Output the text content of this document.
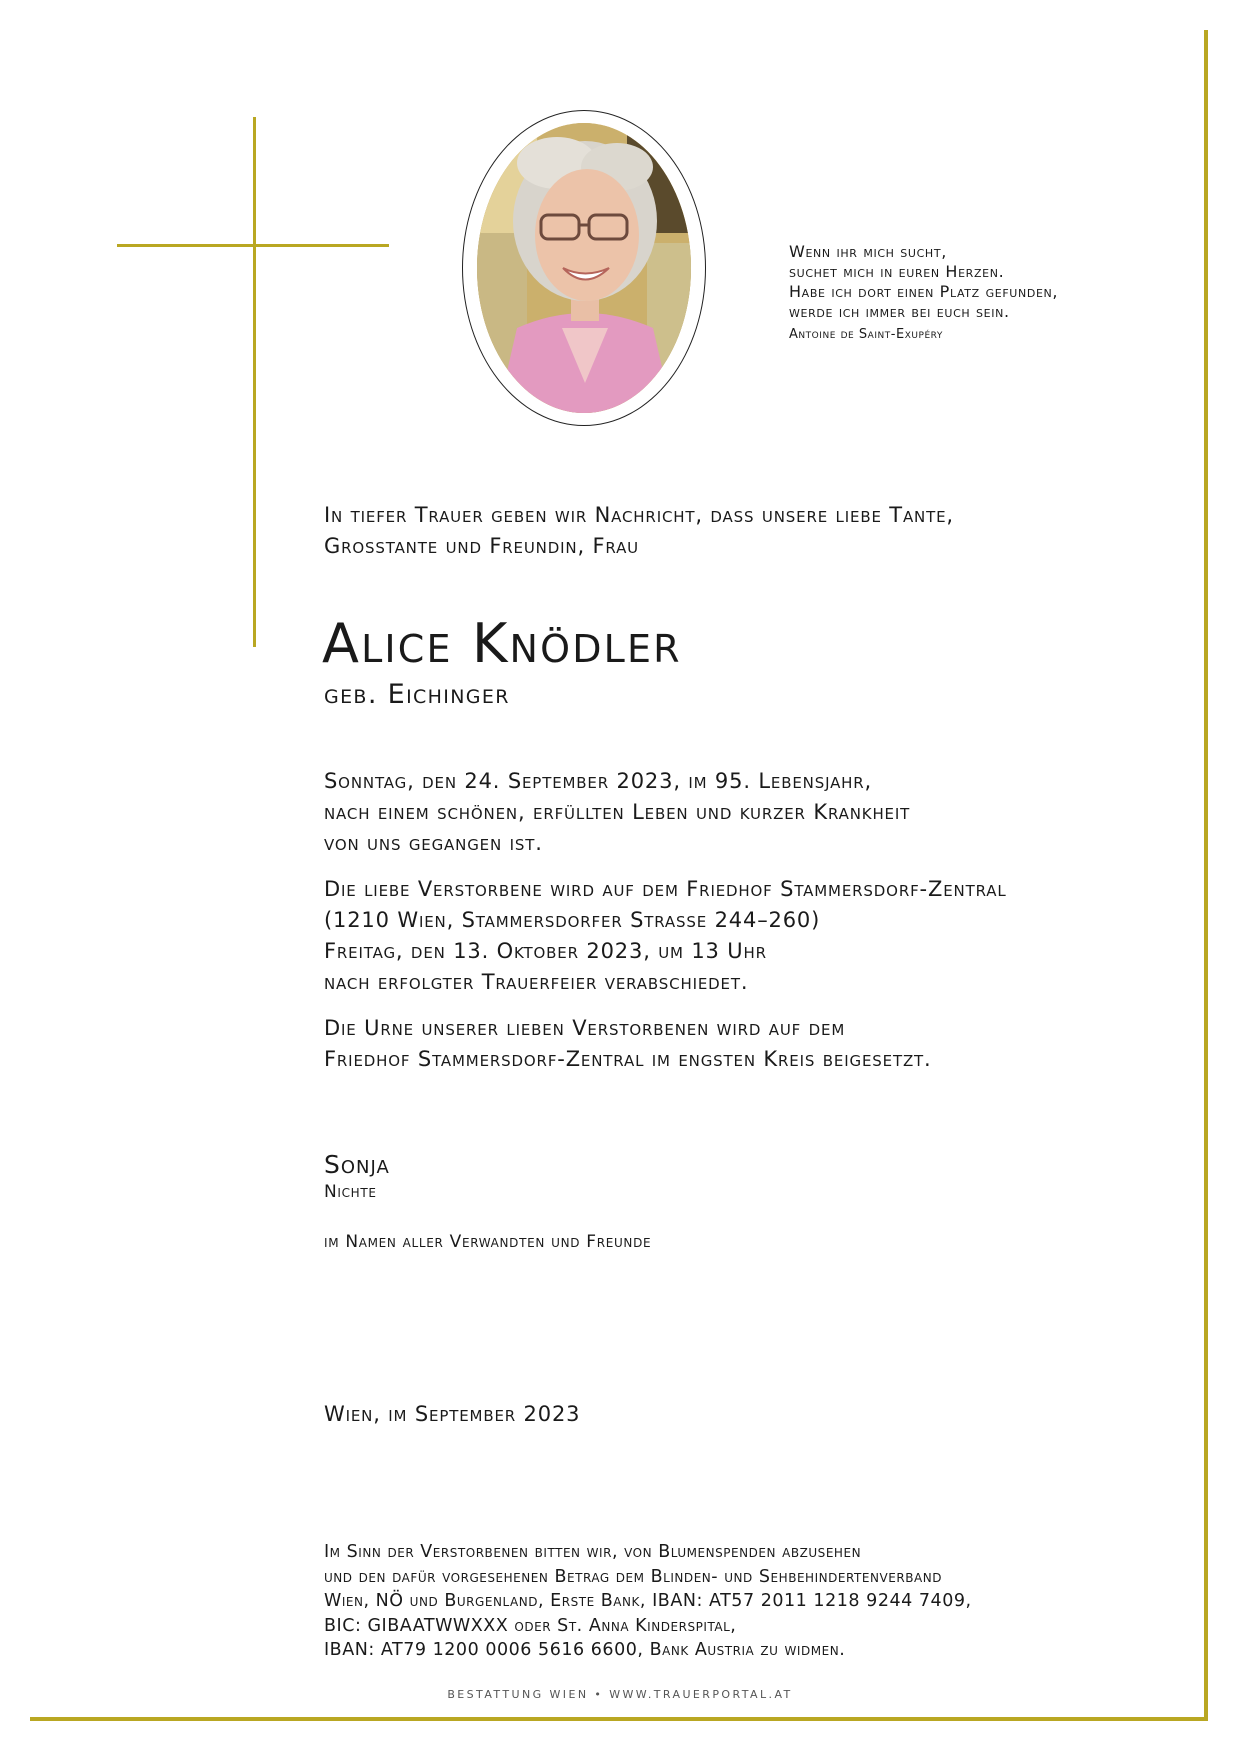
Wenn ihr mich sucht,
suchet mich in euren Herzen.
Habe ich dort einen Platz gefunden,
werde ich immer bei euch sein.
Antoine de Saint-Exupéry
In tiefer Trauer geben wir Nachricht, dass unsere liebe Tante,
Grosstante und Freundin, Frau
Alice Knödler
geb. Eichinger
Sonntag, den 24. September 2023, im 95. Lebensjahr,
nach einem schönen, erfüllten Leben und kurzer Krankheit
von uns gegangen ist.
Die liebe Verstorbene wird auf dem Friedhof Stammersdorf-Zentral
(1210 Wien, Stammersdorfer Strasse 244–260)
Freitag, den 13. Oktober 2023, um 13 Uhr
nach erfolgter Trauerfeier verabschiedet.
Die Urne unserer lieben Verstorbenen wird auf dem
Friedhof Stammersdorf-Zentral im engsten Kreis beigesetzt.
Sonja
Nichte
im Namen aller Verwandten und Freunde
Wien, im September 2023
Im Sinn der Verstorbenen bitten wir, von Blumenspenden abzusehen
und den dafür vorgesehenen Betrag dem Blinden- und Sehbehindertenverband
Wien, NÖ und Burgenland, Erste Bank, IBAN: AT57 2011 1218 9244 7409,
BIC: GIBAATWWXXX oder St. Anna Kinderspital,
IBAN: AT79 1200 0006 5616 6600, Bank Austria zu widmen.
BESTATTUNG WIEN • WWW.TRAUERPORTAL.AT
